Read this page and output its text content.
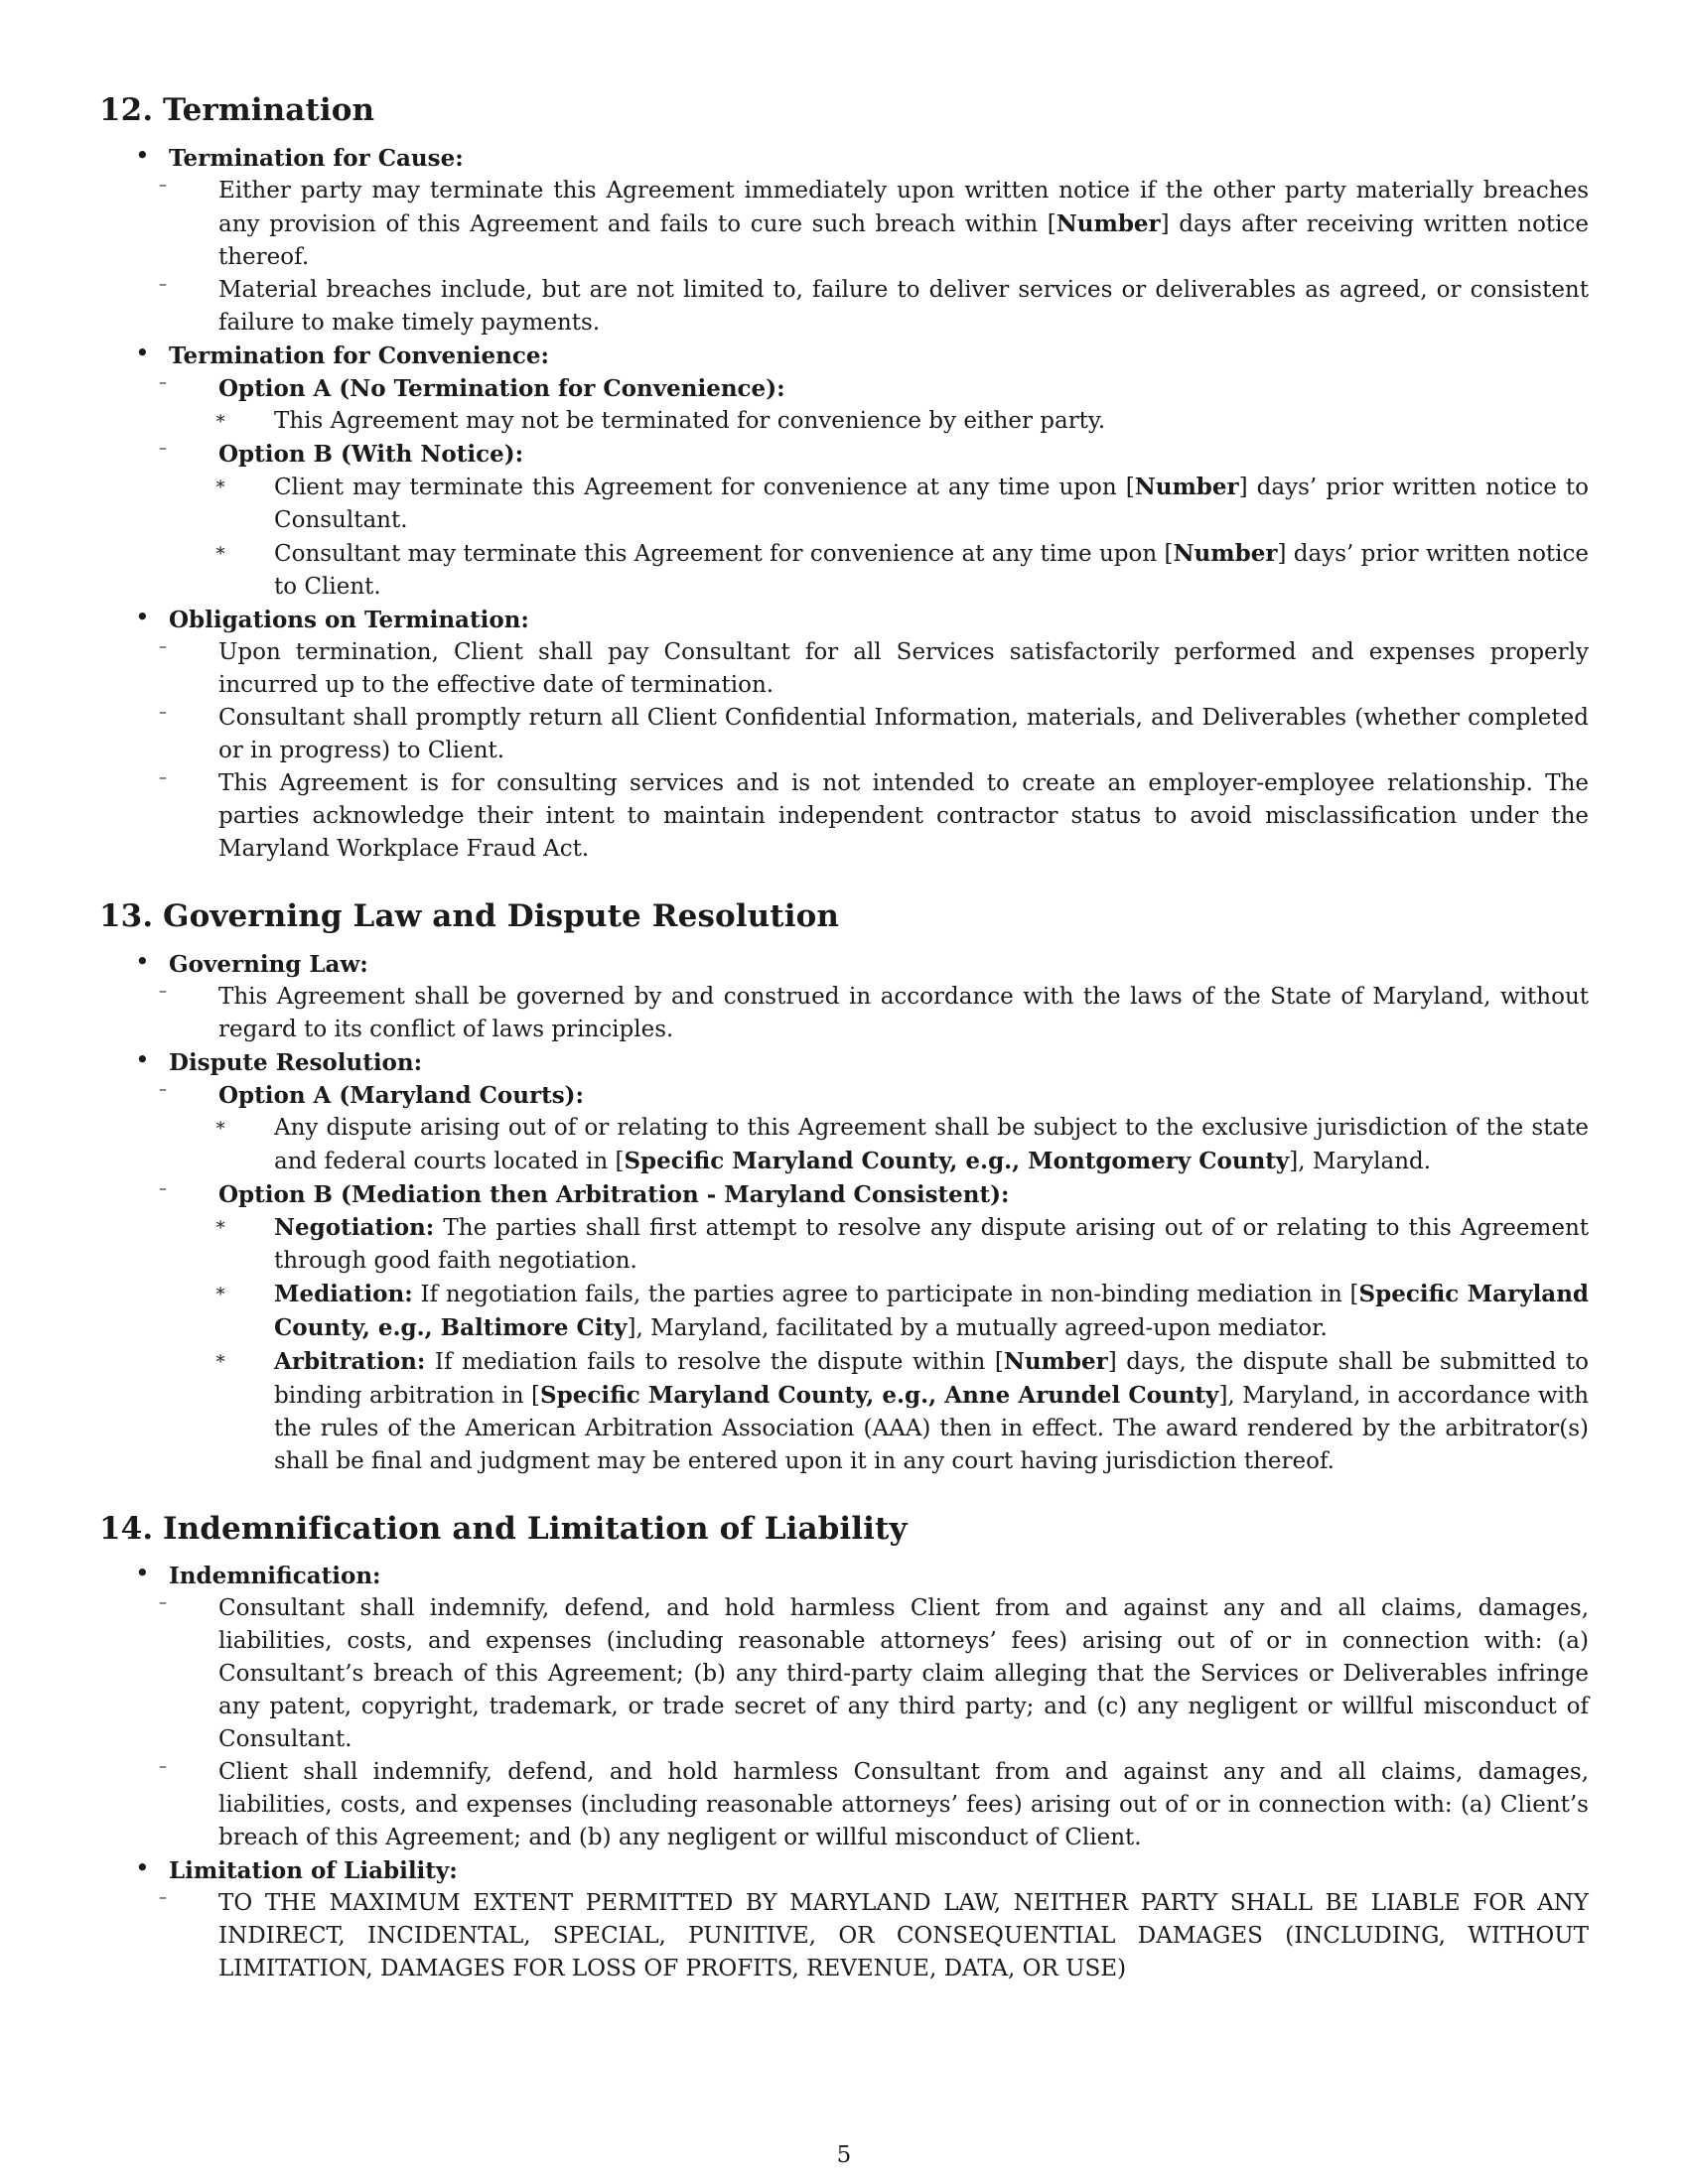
12. Termination
• Termination for Cause:
– Either party may terminate this Agreement immediately upon written notice if the other party materially breaches any provision of this Agreement and fails to cure such breach within [Number] days after receiving written notice thereof.
– Material breaches include, but are not limited to, failure to deliver services or deliverables as agreed, or consistent failure to make timely payments.
• Termination for Convenience:
– Option A (No Termination for Convenience):
∗ This Agreement may not be terminated for convenience by either party.
– Option B (With Notice):
∗ Client may terminate this Agreement for convenience at any time upon [Number] days’ prior written notice to Consultant.
∗ Consultant may terminate this Agreement for convenience at any time upon [Number] days’ prior written notice to Client.
• Obligations on Termination:
– Upon termination, Client shall pay Consultant for all Services satisfactorily performed and expenses properly incurred up to the effective date of termination.
– Consultant shall promptly return all Client Confidential Information, materials, and Deliverables (whether completed or in progress) to Client.
– This Agreement is for consulting services and is not intended to create an employer-employee relationship. The parties acknowledge their intent to maintain independent contractor status to avoid misclassification under the Maryland Workplace Fraud Act.
13. Governing Law and Dispute Resolution
• Governing Law:
– This Agreement shall be governed by and construed in accordance with the laws of the State of Maryland, without regard to its conflict of laws principles.
• Dispute Resolution:
– Option A (Maryland Courts):
∗ Any dispute arising out of or relating to this Agreement shall be subject to the exclusive jurisdiction of the state and federal courts located in [Specific Maryland County, e.g., Montgomery County], Maryland.
– Option B (Mediation then Arbitration - Maryland Consistent):
∗ Negotiation: The parties shall first attempt to resolve any dispute arising out of or relating to this Agreement through good faith negotiation.
∗ Mediation: If negotiation fails, the parties agree to participate in non-binding mediation in [Specific Maryland County, e.g., Baltimore City], Maryland, facilitated by a mutually agreed-upon mediator.
∗ Arbitration: If mediation fails to resolve the dispute within [Number] days, the dispute shall be submitted to binding arbitration in [Specific Maryland County, e.g., Anne Arundel County], Maryland, in accordance with the rules of the American Arbitration Association (AAA) then in effect. The award rendered by the arbitrator(s) shall be final and judgment may be entered upon it in any court having jurisdiction thereof.
14. Indemnification and Limitation of Liability
• Indemnification:
– Consultant shall indemnify, defend, and hold harmless Client from and against any and all claims, damages, liabilities, costs, and expenses (including reasonable attorneys’ fees) arising out of or in connection with: (a) Consultant’s breach of this Agreement; (b) any third-party claim alleging that the Services or Deliverables infringe any patent, copyright, trademark, or trade secret of any third party; and (c) any negligent or willful misconduct of Consultant.
– Client shall indemnify, defend, and hold harmless Consultant from and against any and all claims, damages, liabilities, costs, and expenses (including reasonable attorneys’ fees) arising out of or in connection with: (a) Client’s breach of this Agreement; and (b) any negligent or willful misconduct of Client.
• Limitation of Liability:
– TO THE MAXIMUM EXTENT PERMITTED BY MARYLAND LAW, NEITHER PARTY SHALL BE LIABLE FOR ANY INDIRECT, INCIDENTAL, SPECIAL, PUNITIVE, OR CONSEQUENTIAL DAMAGES (INCLUDING, WITHOUT LIMITATION, DAMAGES FOR LOSS OF PROFITS, REVENUE, DATA, OR USE)
5
